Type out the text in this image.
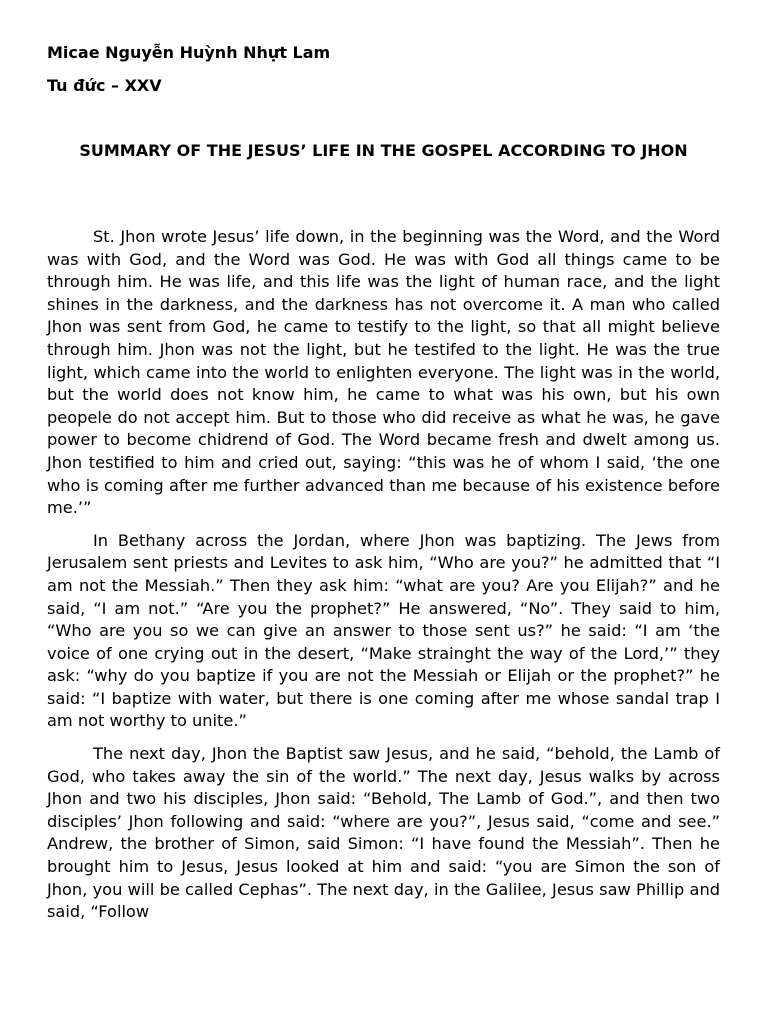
Micae Nguyễn Huỳnh Nhựt Lam

Tu đức – XXV

SUMMARY OF THE JESUS’ LIFE IN THE GOSPEL ACCORDING TO JHON

St. Jhon wrote Jesus’ life down, in the beginning was the Word, and the Word was with God, and the Word was God. He was with God all things came to be through him. He was life, and this life was the light of human race, and the light shines in the darkness, and the darkness has not overcome it. A man who called Jhon was sent from God, he came to testify to the light, so that all might believe through him. Jhon was not the light, but he testifed to the light. He was the true light, which came into the world to enlighten everyone. The light was in the world, but the world does not know him, he came to what was his own, but his own peopele do not accept him. But to those who did receive as what he was, he gave power to become chidrend of God. The Word became fresh and dwelt among us. Jhon testified to him and cried out, saying: “this was he of whom I said, ‘the one who is coming after me further advanced than me because of his existence before me.’”

In Bethany across the Jordan, where Jhon was baptizing. The Jews from Jerusalem sent priests and Levites to ask him, “Who are you?” he admitted that “I am not the Messiah.” Then they ask him: “what are you? Are you Elijah?” and he said, “I am not.” “Are you the prophet?” He answered, “No”. They said to him, “Who are you so we can give an answer to those sent us?” he said: “I am ‘the voice of one crying out in the desert, “Make strainght the way of the Lord,’” they ask: “why do you baptize if you are not the Messiah or Elijah or the prophet?” he said: “I baptize with water, but there is one coming after me whose sandal trap I am not worthy to unite.”

The next day, Jhon the Baptist saw Jesus, and he said, “behold, the Lamb of God, who takes away the sin of the world.” The next day, Jesus walks by across Jhon and two his disciples, Jhon said: “Behold, The Lamb of God.”, and then two disciples’ Jhon following and said: “where are you?”, Jesus said, “come and see.” Andrew, the brother of Simon, said Simon: “I have found the Messiah”. Then he brought him to Jesus, Jesus looked at him and said: “you are Simon the son of Jhon, you will be called Cephas”. The next day, in the Galilee, Jesus saw Phillip and said, “Follow
